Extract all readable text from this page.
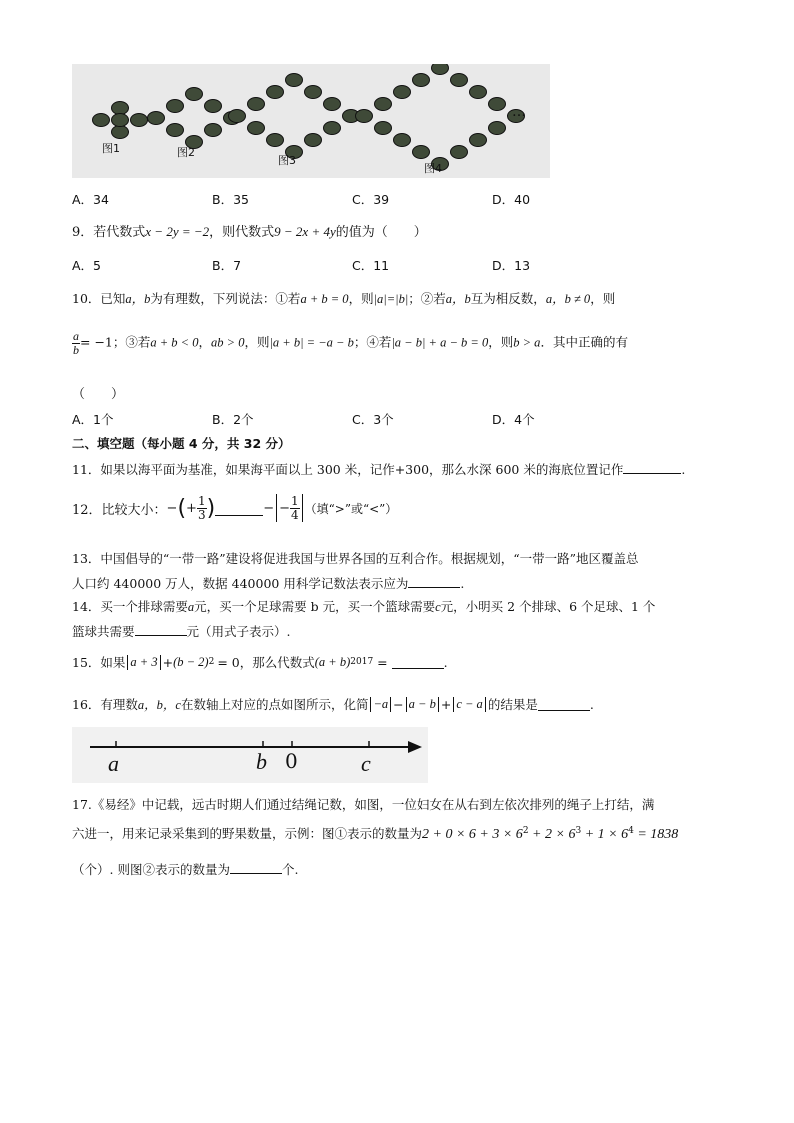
图1	图2
图3
图4
…
A．34	B．35	C．39	D．40
9．若代数式x − 2y = −2，则代数式9 − 2x + 4y的值为（　　）
A．5	B．7	C．11	D．13
10．已知a，b为有理数，下列说法：①若a + b = 0，则|a|=|b|；②若a，b互为相反数，a，b ≠ 0，则
$\frac{a}{b} = -1$；③若a + b < 0，ab > 0，则|a + b| = −a − b；④若|a − b| + a − b = 0，则b > a．其中正确的有
（　　）
A．1个	B．2个	C．3个	D．4个
二、填空题（每小题 4 分，共 32 分）
11．如果以海平面为基准，如果海平面以上 300 米，记作+300，那么水深 600 米的海底位置记作	.
12．比较大小： − ( + $\frac{1}{3}$ )	− − $\frac{1}{4}$ （填“>”或“<”）
13．中国倡导的“一带一路”建设将促进我国与世界各国的互利合作。根据规划，“一带一路”地区覆盖总
人口约 440000 万人，数据 440000 用科学记数法表示应为	.
14．买一个排球需要a元，买一个足球需要 b 元，买一个篮球需要c元，小明买 2 个排球、6 个足球、1 个
篮球共需要	元（用式子表示）.
15．如果 a + 3 + (b − 2) 2 = 0 ，那么代数式 (a + b) 2017 =	.
16．有理数 a，b，c 在数轴上对应的点如图所示，化简 −a − a − b + c − a 的结果是	.
a	b 0	c
17.《易经》中记载，远古时期人们通过结绳记数，如图，一位妇女在从右到左依次排列的绳子上打结，满
六进一，用来记录采集到的野果数量，示例：图①表示的数量为$2 + 0 \times 6 + 3 \times 6^2 + 2 \times 6^3 + 1 \times 6^4 = 1838$
（个）. 则图②表示的数量为	个.
